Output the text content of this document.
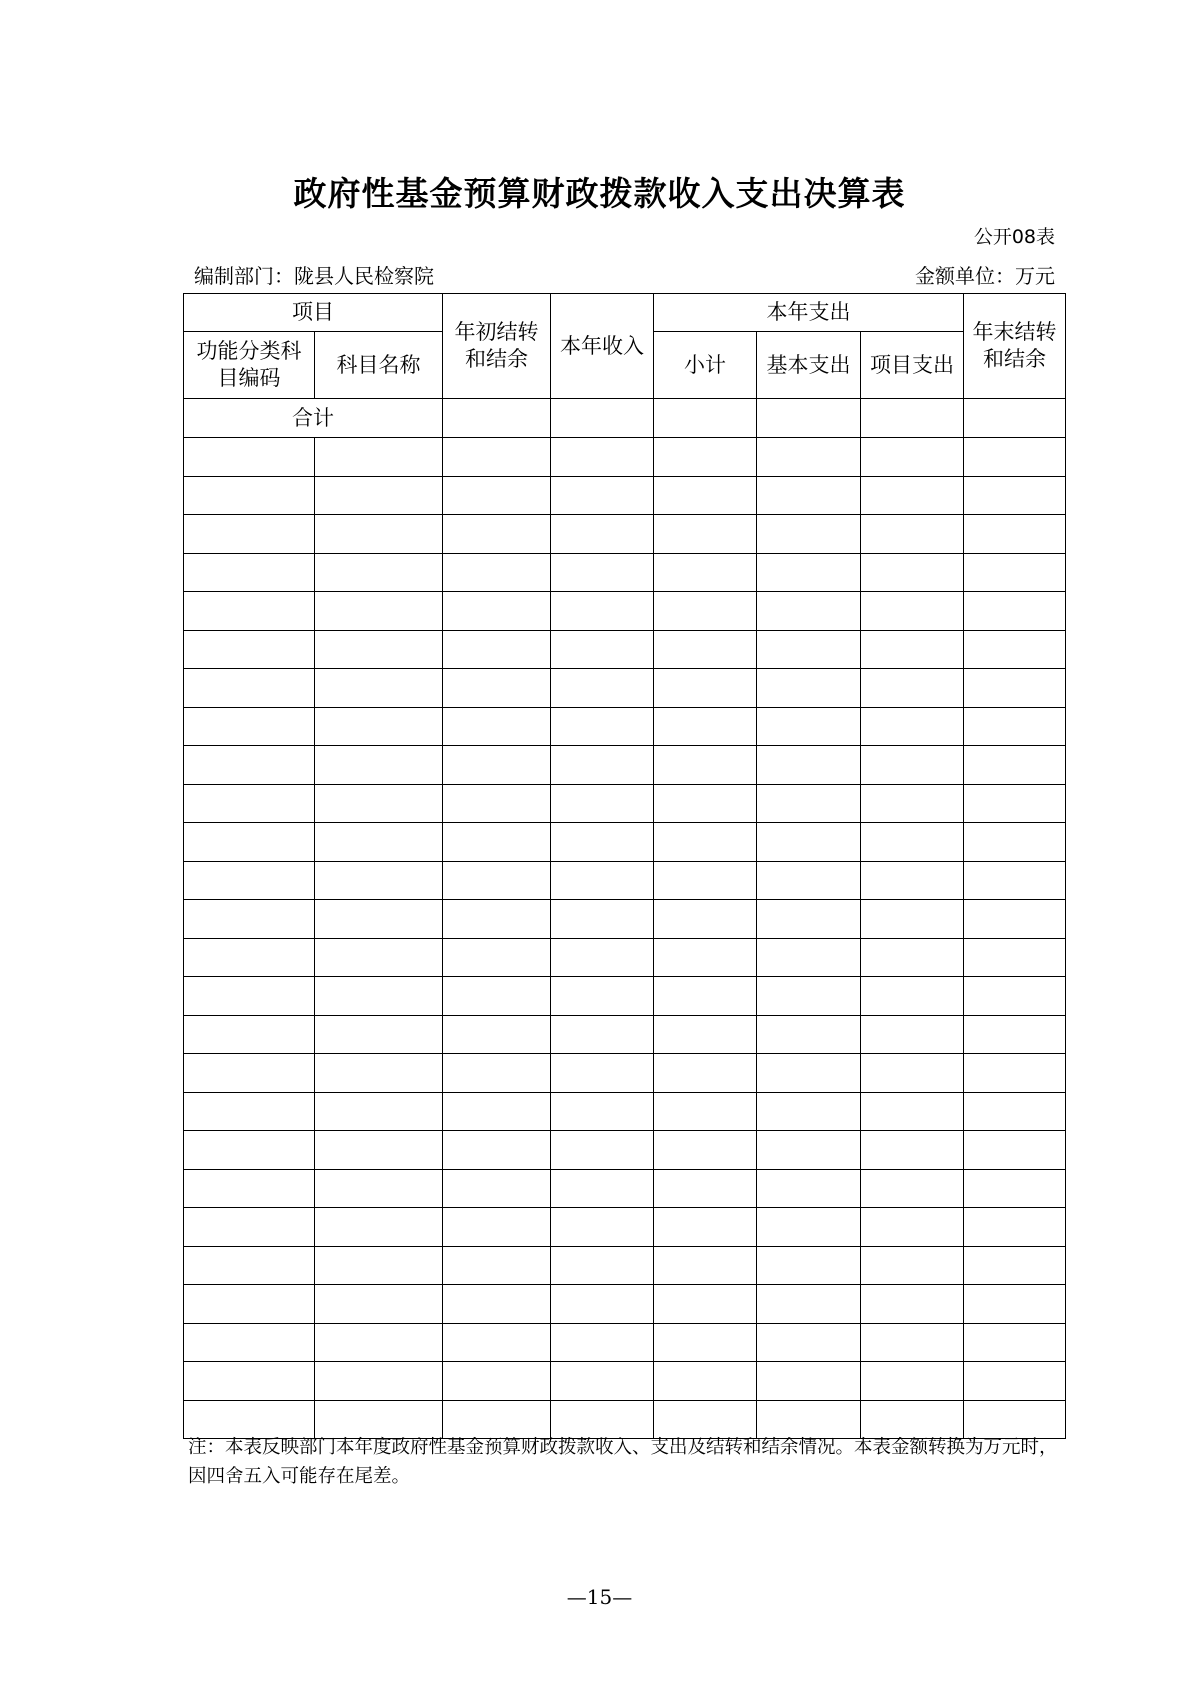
政府性基金预算财政拨款收入支出决算表
公开08表
编制部门：陇县人民检察院	金额单位：万元
项目		年初结转和结余	本年收入	本年支出			年末结转和结余
功能分类科目编码	科目名称			小计	基本支出	项目支出	
合计							

注：本表反映部门本年度政府性基金预算财政拨款收入、支出及结转和结余情况。本表金额转换为万元时，因四舍五入可能存在尾差。
—15—
